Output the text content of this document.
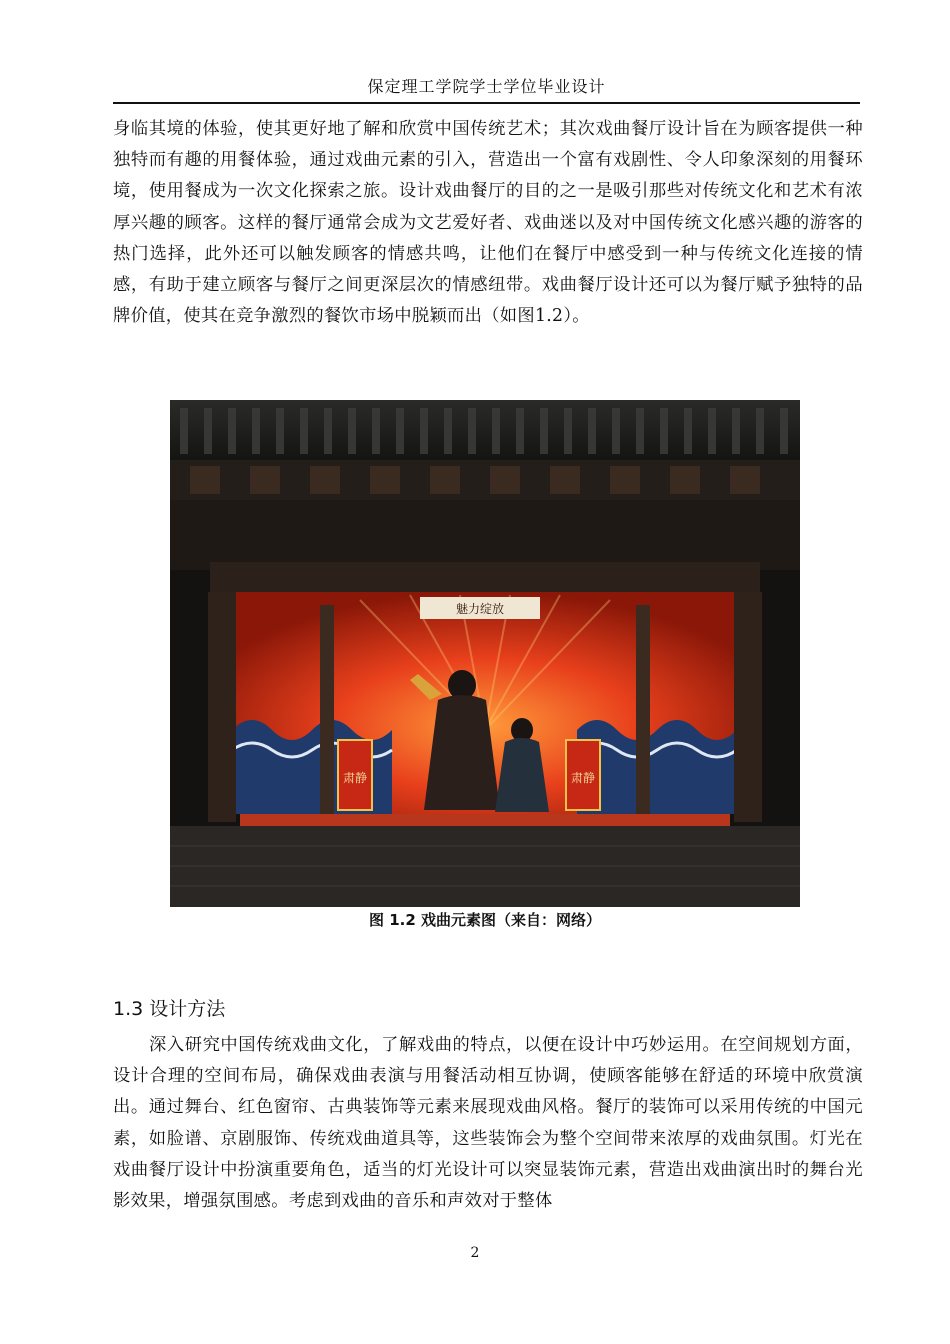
保定理工学院学士学位毕业设计

身临其境的体验，使其更好地了解和欣赏中国传统艺术；其次戏曲餐厅设计旨在为顾客提供一种独特而有趣的用餐体验，通过戏曲元素的引入，营造出一个富有戏剧性、令人印象深刻的用餐环境，使用餐成为一次文化探索之旅。设计戏曲餐厅的目的之一是吸引那些对传统文化和艺术有浓厚兴趣的顾客。这样的餐厅通常会成为文艺爱好者、戏曲迷以及对中国传统文化感兴趣的游客的热门选择，此外还可以触发顾客的情感共鸣，让他们在餐厅中感受到一种与传统文化连接的情感，有助于建立顾客与餐厅之间更深层次的情感纽带。戏曲餐厅设计还可以为餐厅赋予独特的品牌价值，使其在竞争激烈的餐饮市场中脱颖而出（如图1.2）。

魅力绽放
肃静	肃静
图 1.2 戏曲元素图（来自：网络）
1.3 设计方法

深入研究中国传统戏曲文化，了解戏曲的特点，以便在设计中巧妙运用。在空间规划方面，设计合理的空间布局，确保戏曲表演与用餐活动相互协调，使顾客能够在舒适的环境中欣赏演出。通过舞台、红色窗帘、古典装饰等元素来展现戏曲风格。餐厅的装饰可以采用传统的中国元素，如脸谱、京剧服饰、传统戏曲道具等，这些装饰会为整个空间带来浓厚的戏曲氛围。灯光在戏曲餐厅设计中扮演重要角色，适当的灯光设计可以突显装饰元素，营造出戏曲演出时的舞台光影效果，增强氛围感。考虑到戏曲的音乐和声效对于整体

2
